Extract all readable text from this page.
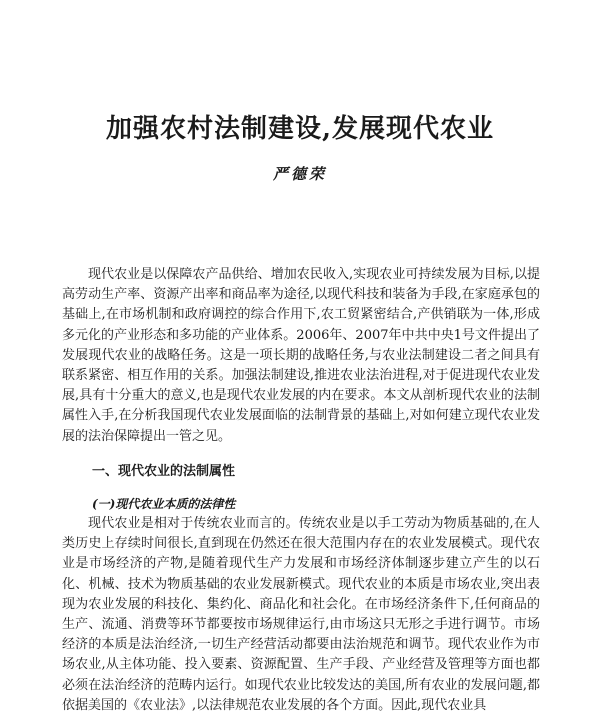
加强农村法制建设,发展现代农业
严德荣

现代农业是以保障农产品供给、增加农民收入,实现农业可持续发展为目标,以提高劳动生产率、资源产出率和商品率为途径,以现代科技和装备为手段,在家庭承包的基础上,在市场机制和政府调控的综合作用下,农工贸紧密结合,产供销联为一体,形成多元化的产业形态和多功能的产业体系。2006年、2007年中共中央1号文件提出了发展现代农业的战略任务。这是一项长期的战略任务,与农业法制建设二者之间具有联系紧密、相互作用的关系。加强法制建设,推进农业法治进程,对于促进现代农业发展,具有十分重大的意义,也是现代农业发展的内在要求。本文从剖析现代农业的法制属性入手,在分析我国现代农业发展面临的法制背景的基础上,对如何建立现代农业发展的法治保障提出一管之见。

一、现代农业的法制属性
(一)现代农业本质的法律性

现代农业是相对于传统农业而言的。传统农业是以手工劳动为物质基础的,在人类历史上存续时间很长,直到现在仍然还在很大范围内存在的农业发展模式。现代农业是市场经济的产物,是随着现代生产力发展和市场经济体制逐步建立产生的以石化、机械、技术为物质基础的农业发展新模式。现代农业的本质是市场农业,突出表现为农业发展的科技化、集约化、商品化和社会化。在市场经济条件下,任何商品的生产、流通、消费等环节都要按市场规律运行,由市场这只无形之手进行调节。市场经济的本质是法治经济,一切生产经营活动都要由法治规范和调节。现代农业作为市场农业,从主体功能、投入要素、资源配置、生产手段、产业经营及管理等方面也都必须在法治经济的范畴内运行。如现代农业比较发达的美国,所有农业的发展问题,都依据美国的《农业法》,以法律规范农业发展的各个方面。因此,现代农业具
